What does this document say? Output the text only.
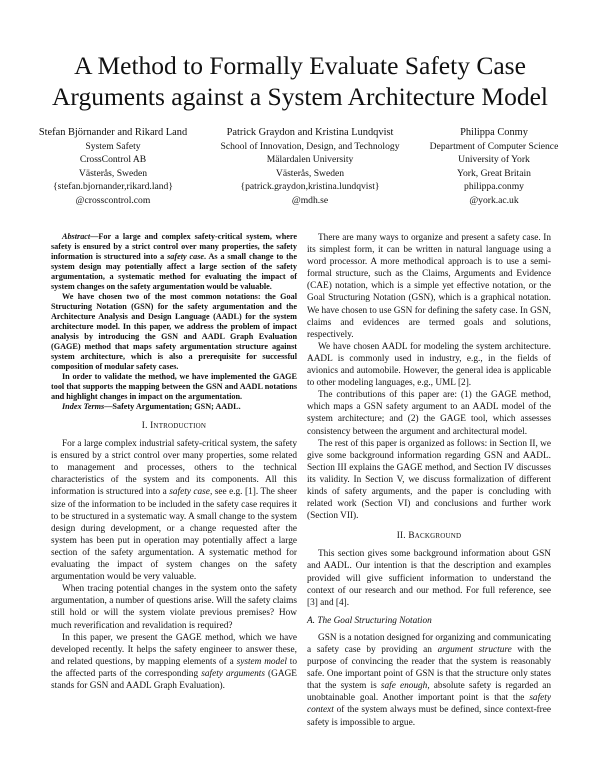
A Method to Formally Evaluate Safety Case
Arguments against a System Architecture Model
Stefan Björnander and Rikard Land
System Safety
CrossControl AB
Västerås, Sweden
{stefan.bjornander,rikard.land}
@crosscontrol.com
Patrick Graydon and Kristina Lundqvist
School of Innovation, Design, and Technology
Mälardalen University
Västerås, Sweden
{patrick.graydon,kristina.lundqvist}
@mdh.se
Philippa Conmy
Department of Computer Science
University of York
York, Great Britain
philippa.conmy
@york.ac.uk

Abstract—For a large and complex safety-critical system, where safety is ensured by a strict control over many properties, the safety information is structured into a safety case. As a small change to the system design may potentially affect a large section of the safety argumentation, a systematic method for evaluating the impact of system changes on the safety argumentation would be valuable.

We have chosen two of the most common notations: the Goal Structuring Notation (GSN) for the safety argumentation and the Architecture Analysis and Design Language (AADL) for the system architecture model. In this paper, we address the problem of impact analysis by introducing the GSN and AADL Graph Evaluation (GAGE) method that maps safety argumentation structure against system architecture, which is also a prerequisite for successful composition of modular safety cases.

In order to validate the method, we have implemented the GAGE tool that supports the mapping between the GSN and AADL notations and highlight changes in impact on the argumentation.

Index Terms—Safety Argumentation; GSN; AADL.

I. Introduction

For a large complex industrial safety-critical system, the safety is ensured by a strict control over many properties, some related to management and processes, others to the technical characteristics of the system and its components. All this information is structured into a safety case, see e.g. [1]. The sheer size of the information to be included in the safety case requires it to be structured in a systematic way. A small change to the system design during development, or a change requested after the system has been put in operation may potentially affect a large section of the safety argumentation. A systematic method for evaluating the impact of system changes on the safety argumentation would be very valuable.

When tracing potential changes in the system onto the safety argumentation, a number of questions arise. Will the safety claims still hold or will the system violate previous premises? How much reverification and revalidation is required?

In this paper, we present the GAGE method, which we have developed recently. It helps the safety engineer to answer these, and related questions, by mapping elements of a system model to the affected parts of the corresponding safety arguments (GAGE stands for GSN and AADL Graph Evaluation).

There are many ways to organize and present a safety case. In its simplest form, it can be written in natural language using a word processor. A more methodical approach is to use a semi-formal structure, such as the Claims, Arguments and Evidence (CAE) notation, which is a simple yet effective notation, or the Goal Structuring Notation (GSN), which is a graphical notation. We have chosen to use GSN for defining the safety case. In GSN, claims and evidences are termed goals and solutions, respectively.

We have chosen AADL for modeling the system architecture. AADL is commonly used in industry, e.g., in the fields of avionics and automobile. However, the general idea is applicable to other modeling languages, e.g., UML [2].

The contributions of this paper are: (1) the GAGE method, which maps a GSN safety argument to an AADL model of the system architecture; and (2) the GAGE tool, which assesses consistency between the argument and architectural model.

The rest of this paper is organized as follows: in Section II, we give some background information regarding GSN and AADL. Section III explains the GAGE method, and Section IV discusses its validity. In Section V, we discuss formalization of different kinds of safety arguments, and the paper is concluding with related work (Section VI) and conclusions and further work (Section VII).

II. Background

This section gives some background information about GSN and AADL. Our intention is that the description and examples provided will give sufficient information to understand the context of our research and our method. For full reference, see [3] and [4].

A. The Goal Structuring Notation

GSN is a notation designed for organizing and communicating a safety case by providing an argument structure with the purpose of convincing the reader that the system is reasonably safe. One important point of GSN is that the structure only states that the system is safe enough, absolute safety is regarded an unobtainable goal. Another important point is that the safety context of the system always must be defined, since context-free safety is impossible to argue.
